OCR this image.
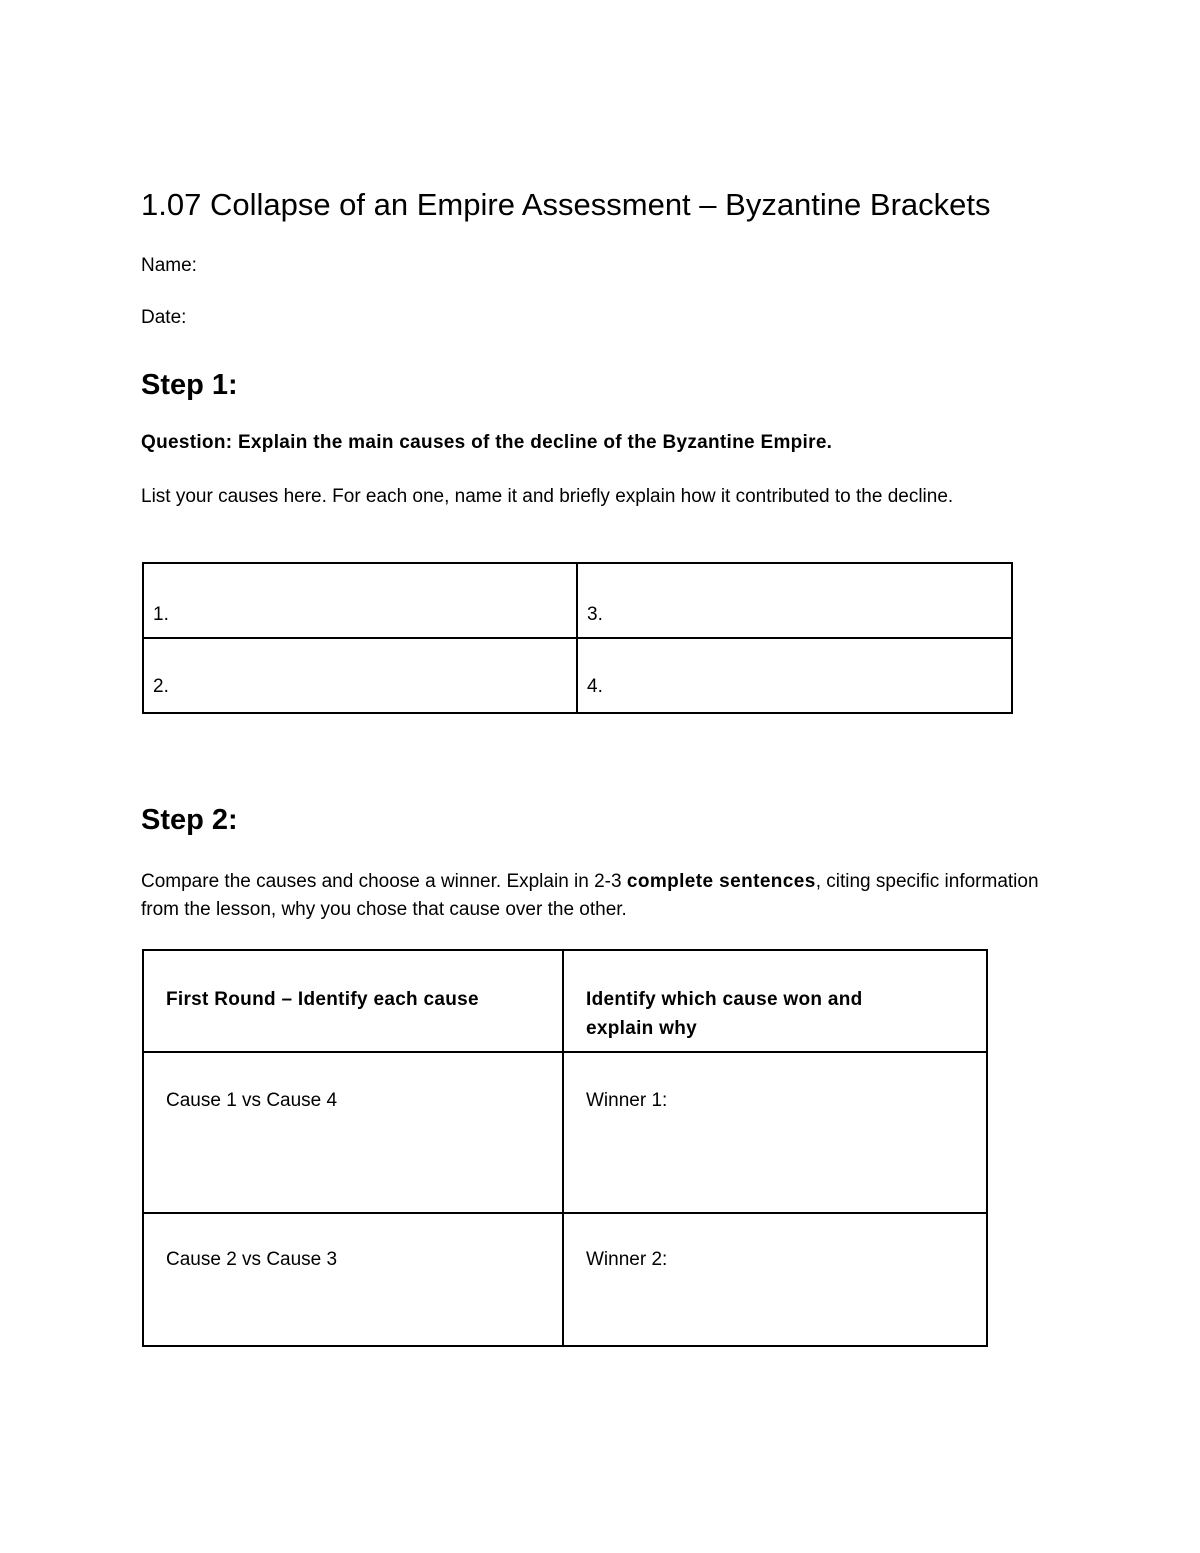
1.07 Collapse of an Empire Assessment – Byzantine Brackets

Name:

Date:

Step 1:

Question: Explain the main causes of the decline of the Byzantine Empire.

List your causes here. For each one, name it and briefly explain how it contributed to the decline.

1.	3.

2.	4.
Step 2:

Compare the causes and choose a winner. Explain in 2-3 complete sentences, citing specific information from the lesson, why you chose that cause over the other.

First Round – Identify each cause	Identify which cause won and explain why

Cause 1 vs Cause 4	Winner 1:

Cause 2 vs Cause 3	Winner 2:
